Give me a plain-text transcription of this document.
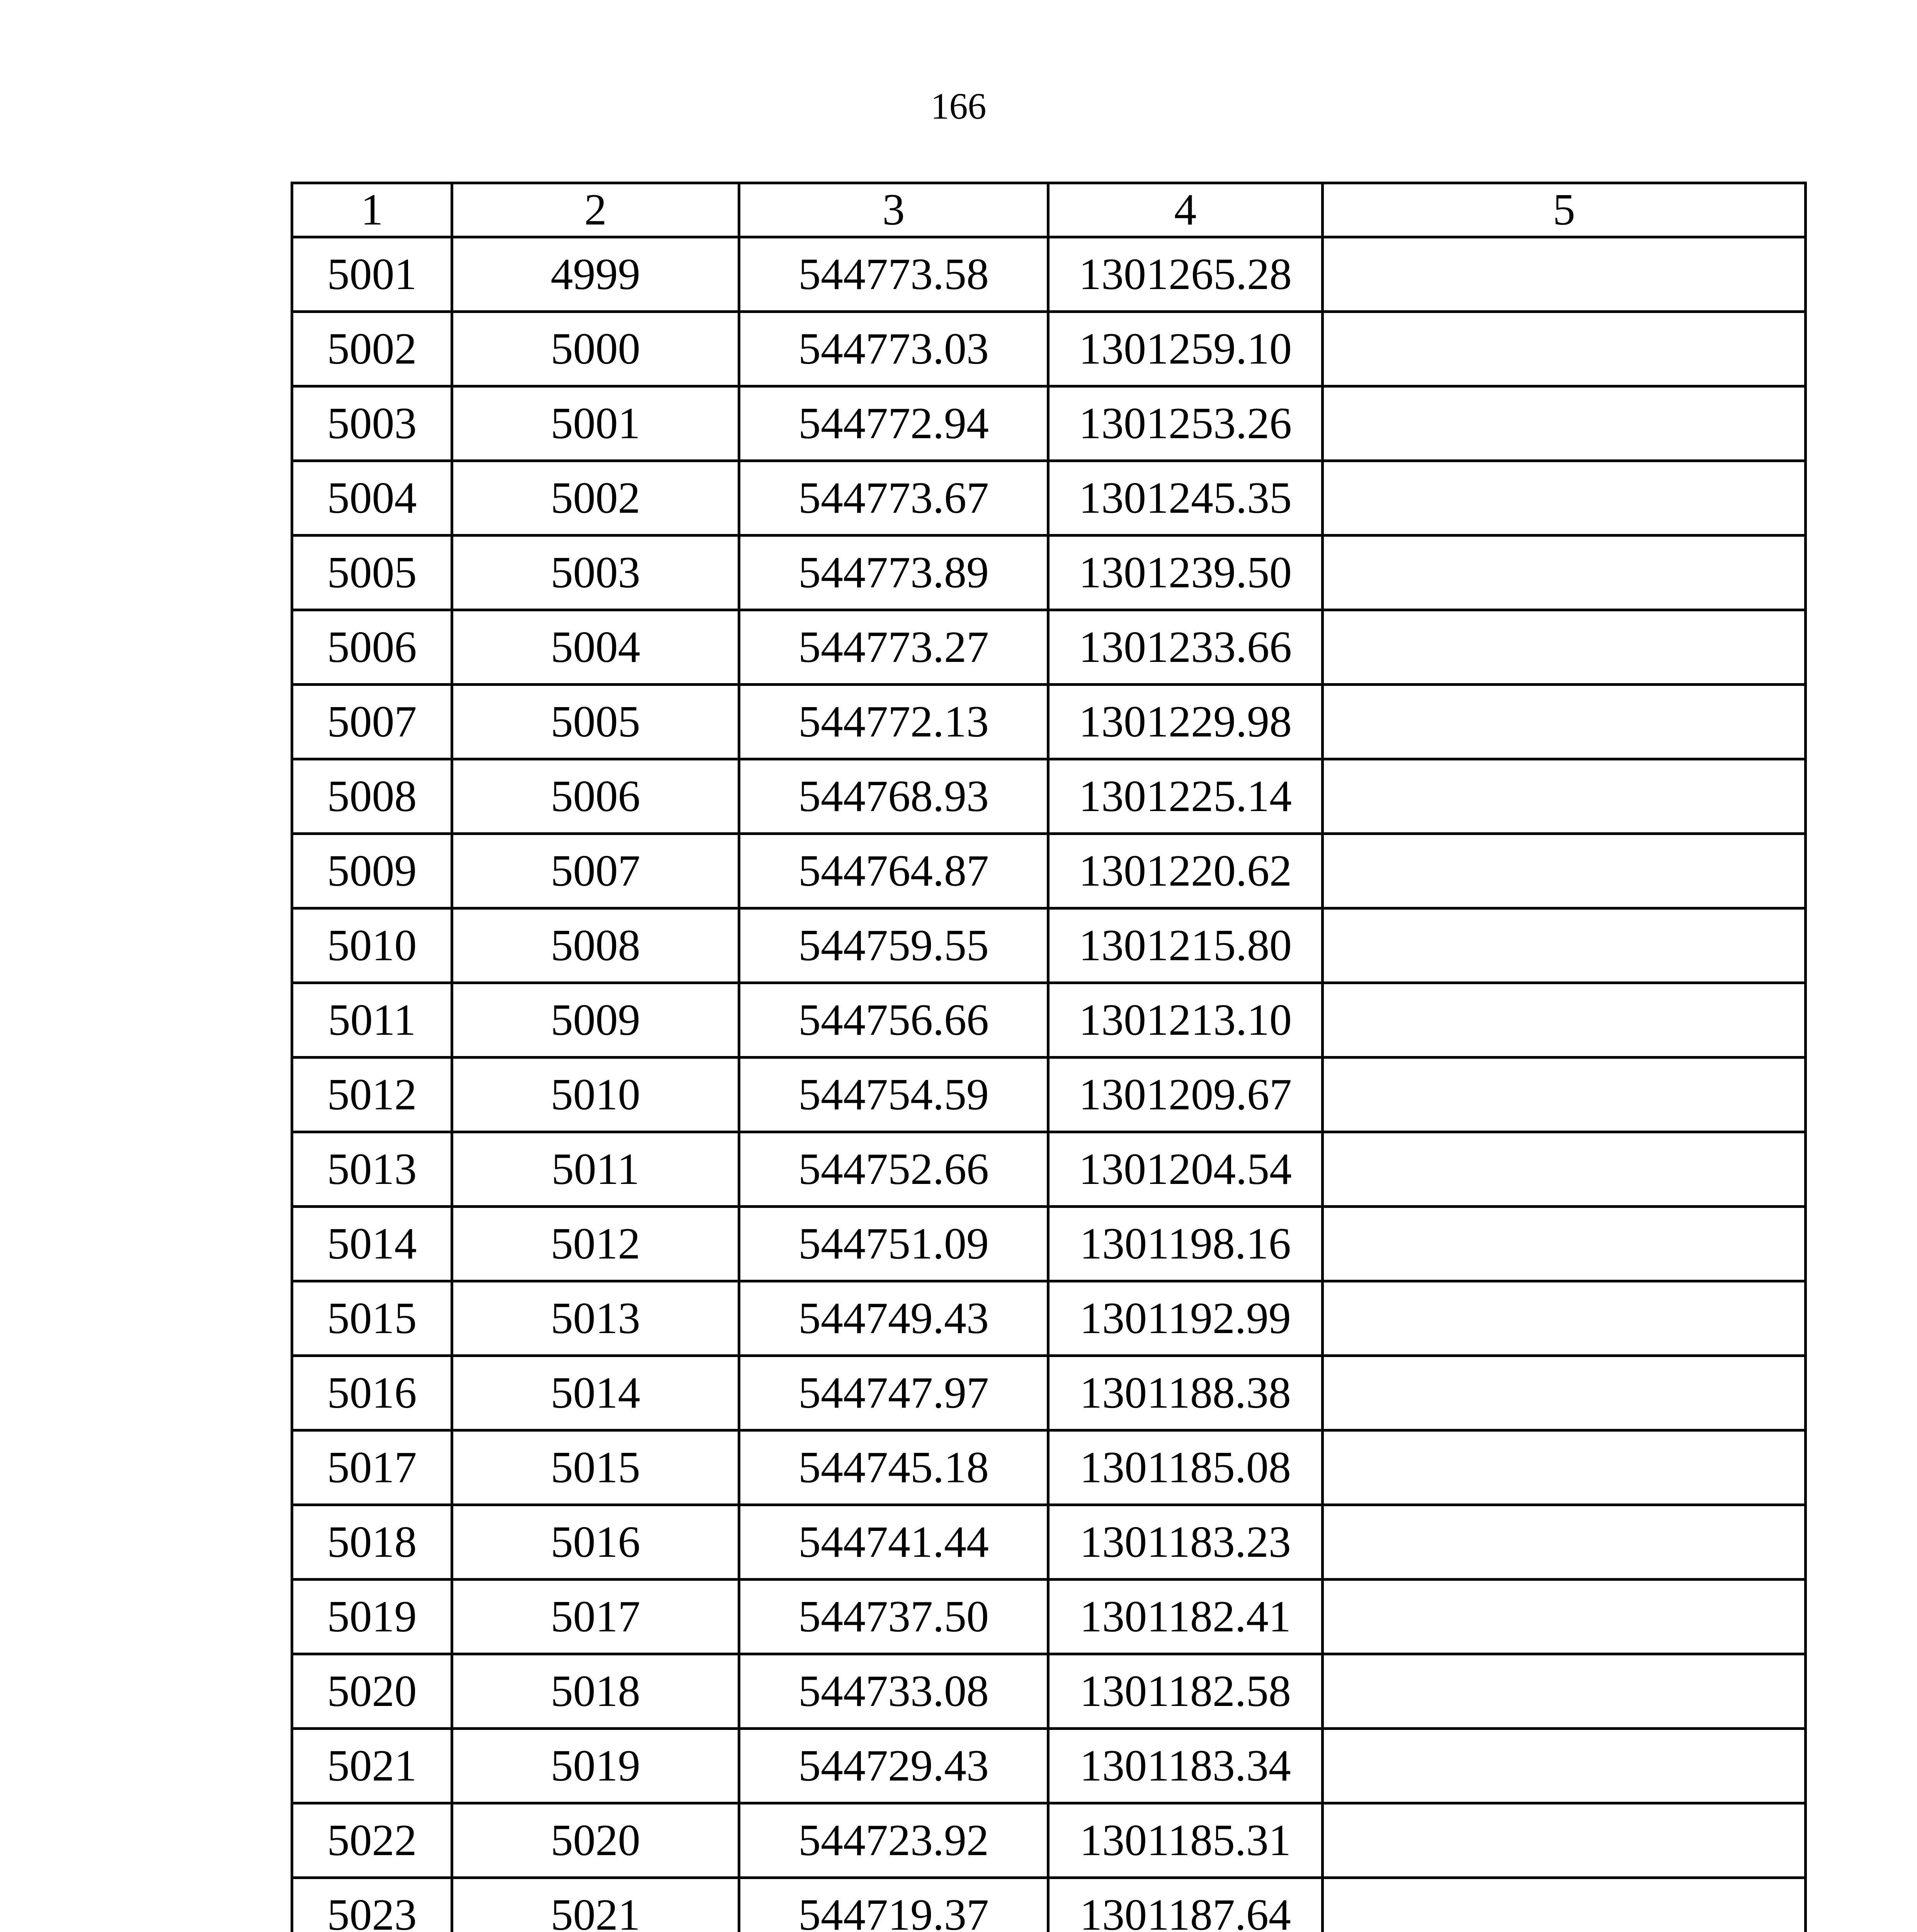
166
1	2	3	4	5
5001	4999	544773.58	1301265.28	
5002	5000	544773.03	1301259.10	
5003	5001	544772.94	1301253.26	
5004	5002	544773.67	1301245.35	
5005	5003	544773.89	1301239.50	
5006	5004	544773.27	1301233.66	
5007	5005	544772.13	1301229.98	
5008	5006	544768.93	1301225.14	
5009	5007	544764.87	1301220.62	
5010	5008	544759.55	1301215.80	
5011	5009	544756.66	1301213.10	
5012	5010	544754.59	1301209.67	
5013	5011	544752.66	1301204.54	
5014	5012	544751.09	1301198.16	
5015	5013	544749.43	1301192.99	
5016	5014	544747.97	1301188.38	
5017	5015	544745.18	1301185.08	
5018	5016	544741.44	1301183.23	
5019	5017	544737.50	1301182.41	
5020	5018	544733.08	1301182.58	
5021	5019	544729.43	1301183.34	
5022	5020	544723.92	1301185.31	
5023	5021	544719.37	1301187.64	
